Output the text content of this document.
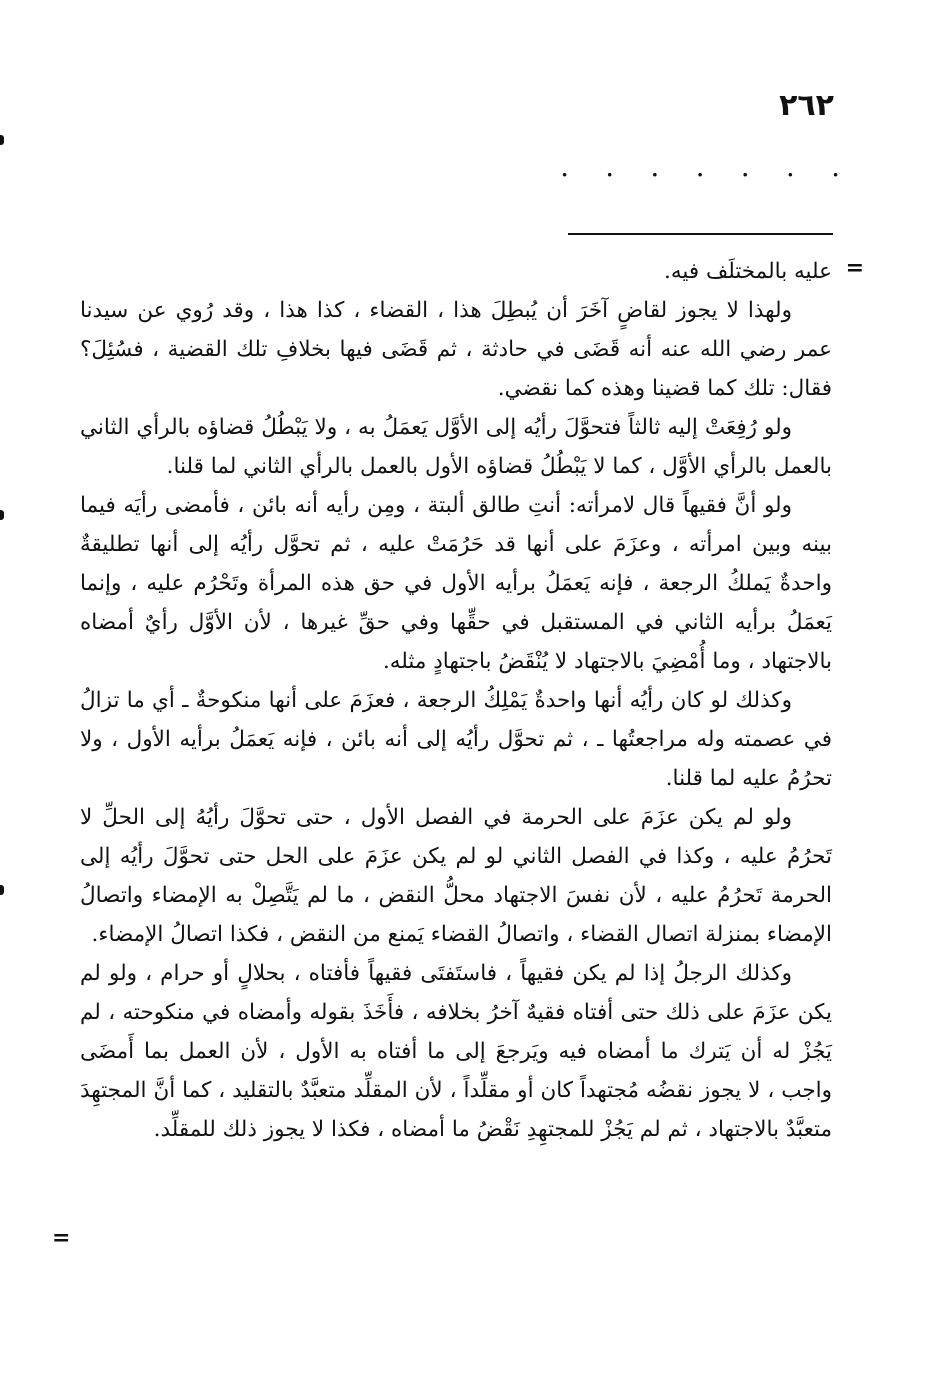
٢٦٢
.
.
.
.
.
.
.
=

عليه بالمختلَف فيه.

ولهذا لا يجوز لقاضٍ آخَرَ أن يُبطِلَ هذا ، القضاء ، كذا هذا ، وقد رُوي عن سيدنا عمر رضي الله عنه أنه قَضَى في حادثة ، ثم قَضَى فيها بخلافِ تلك القضية ، فسُئِلَ؟ فقال: تلك كما قضينا وهذه كما نقضي.

ولو رُفِعَتْ إليه ثالثاً فتحوَّلَ رأيُه إلى الأوَّل يَعمَلُ به ، ولا يَبْطُلُ قضاؤه بالرأي الثاني بالعمل بالرأي الأوَّل ، كما لا يَبْطُلُ قضاؤه الأول بالعمل بالرأي الثاني لما قلنا.

ولو أنَّ فقيهاً قال لامرأته: أنتِ طالق ألبتة ، ومِن رأيه أنه بائن ، فأمضى رأيَه فيما بينه وبين امرأته ، وعزَمَ على أنها قد حَرُمَتْ عليه ، ثم تحوَّل رأيُه إلى أنها تطليقةٌ واحدةٌ يَملكُ الرجعة ، فإنه يَعمَلُ برأيه الأول في حق هذه المرأة وتَحْرُم عليه ، وإنما يَعمَلُ برأيه الثاني في المستقبل في حقِّها وفي حقِّ غيرها ، لأن الأوَّل رأيٌ أمضاه بالاجتهاد ، وما أُمْضِيَ بالاجتهاد لا يُنْقَضُ باجتهادٍ مثله.

وكذلك لو كان رأيُه أنها واحدةٌ يَمْلِكُ الرجعة ، فعزَمَ على أنها منكوحةٌ ـ أي ما تزالُ في عصمته وله مراجعتُها ـ ، ثم تحوَّل رأيُه إلى أنه بائن ، فإنه يَعمَلُ برأيه الأول ، ولا تحرُمُ عليه لما قلنا.

ولو لم يكن عزَمَ على الحرمة في الفصل الأول ، حتى تحوَّلَ رأيُهُ إلى الحلِّ لا تَحرُمُ عليه ، وكذا في الفصل الثاني لو لم يكن عزَمَ على الحل حتى تحوَّلَ رأيُه إلى الحرمة تَحرُمُ عليه ، لأن نفسَ الاجتهاد محلُّ النقض ، ما لم يَتَّصِلْ به الإمضاء واتصالُ الإمضاء بمنزلة اتصال القضاء ، واتصالُ القضاء يَمنع من النقض ، فكذا اتصالُ الإمضاء.

وكذلك الرجلُ إذا لم يكن فقيهاً ، فاستَفتَى فقيهاً فأفتاه ، بحلالٍ أو حرام ، ولو لم يكن عزَمَ على ذلك حتى أفتاه فقيهٌ آخرُ بخلافه ، فأَخَذَ بقوله وأمضاه في منكوحته ، لم يَجُزْ له أن يَترك ما أمضاه فيه ويَرجعَ إلى ما أفتاه به الأول ، لأن العمل بما أَمضَى واجب ، لا يجوز نقضُه مُجتهداً كان أو مقلِّداً ، لأن المقلِّد متعبَّدٌ بالتقليد ، كما أنَّ المجتهِدَ متعبَّدٌ بالاجتهاد ، ثم لم يَجُزْ للمجتهِدِ نَقْضُ ما أمضاه ، فكذا لا يجوز ذلك للمقلِّد.

=
